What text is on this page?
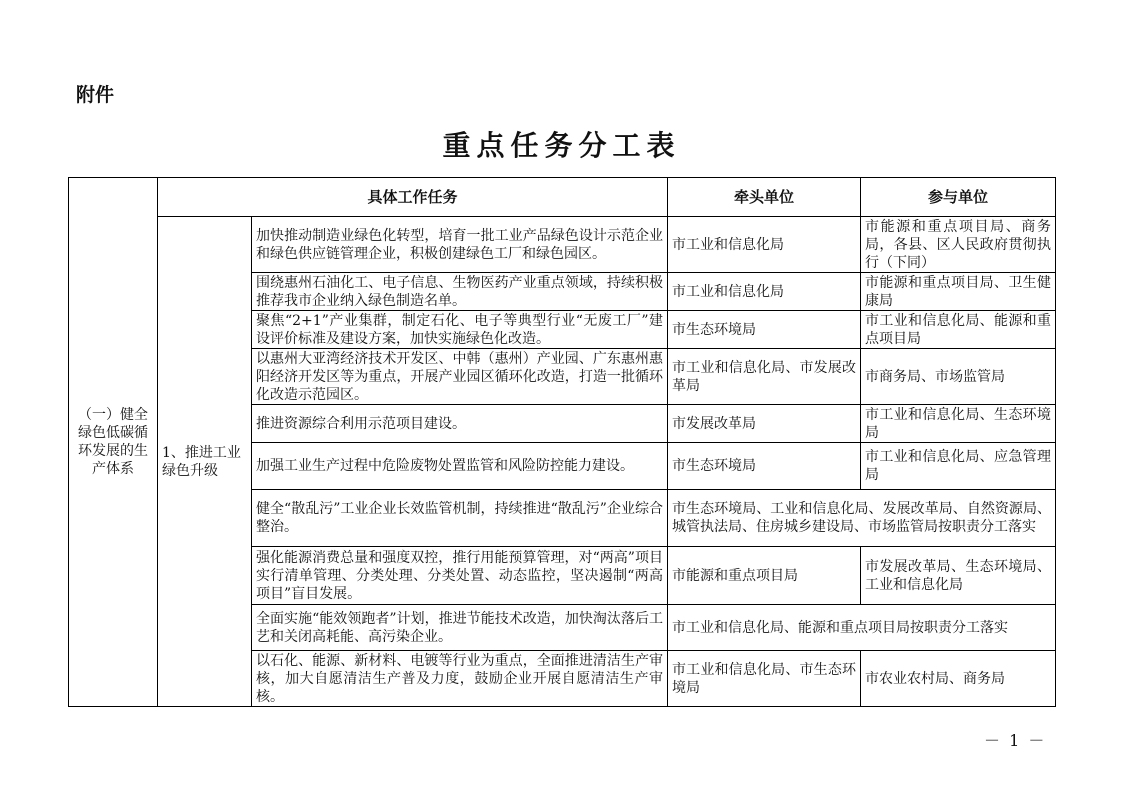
附件
重点任务分工表
（一）健全绿色低碳循环发展的生产体系	具体工作任务		牵头单位	参与单位
	1、推进工业绿色升级	加快推动制造业绿色化转型，培育一批工业产品绿色设计示范企业和绿色供应链管理企业，积极创建绿色工厂和绿色园区。	市工业和信息化局	市能源和重点项目局、商务局，各县、区人民政府贯彻执行（下同）
		围绕惠州石油化工、电子信息、生物医药产业重点领域，持续积极推荐我市企业纳入绿色制造名单。	市工业和信息化局	市能源和重点项目局、卫生健康局
		聚焦“2+1”产业集群，制定石化、电子等典型行业“无废工厂”建设评价标准及建设方案，加快实施绿色化改造。	市生态环境局	市工业和信息化局、能源和重点项目局
		以惠州大亚湾经济技术开发区、中韩（惠州）产业园、广东惠州惠阳经济开发区等为重点，开展产业园区循环化改造，打造一批循环化改造示范园区。	市工业和信息化局、市发展改革局	市商务局、市场监管局
		推进资源综合利用示范项目建设。	市发展改革局	市工业和信息化局、生态环境局
		加强工业生产过程中危险废物处置监管和风险防控能力建设。	市生态环境局	市工业和信息化局、应急管理局
		健全“散乱污”工业企业长效监管机制，持续推进“散乱污”企业综合整治。	市生态环境局、工业和信息化局、发展改革局、自然资源局、城管执法局、住房城乡建设局、市场监管局按职责分工落实	
		强化能源消费总量和强度双控，推行用能预算管理，对“两高”项目实行清单管理、分类处理、分类处置、动态监控，坚决遏制“两高项目”盲目发展。	市能源和重点项目局	市发展改革局、生态环境局、工业和信息化局
		全面实施“能效领跑者”计划，推进节能技术改造，加快淘汰落后工艺和关闭高耗能、高污染企业。	市工业和信息化局、能源和重点项目局按职责分工落实	
		以石化、能源、新材料、电镀等行业为重点，全面推进清洁生产审核，加大自愿清洁生产普及力度，鼓励企业开展自愿清洁生产审核。	市工业和信息化局、市生态环境局	市农业农村局、商务局
－ 1 －
